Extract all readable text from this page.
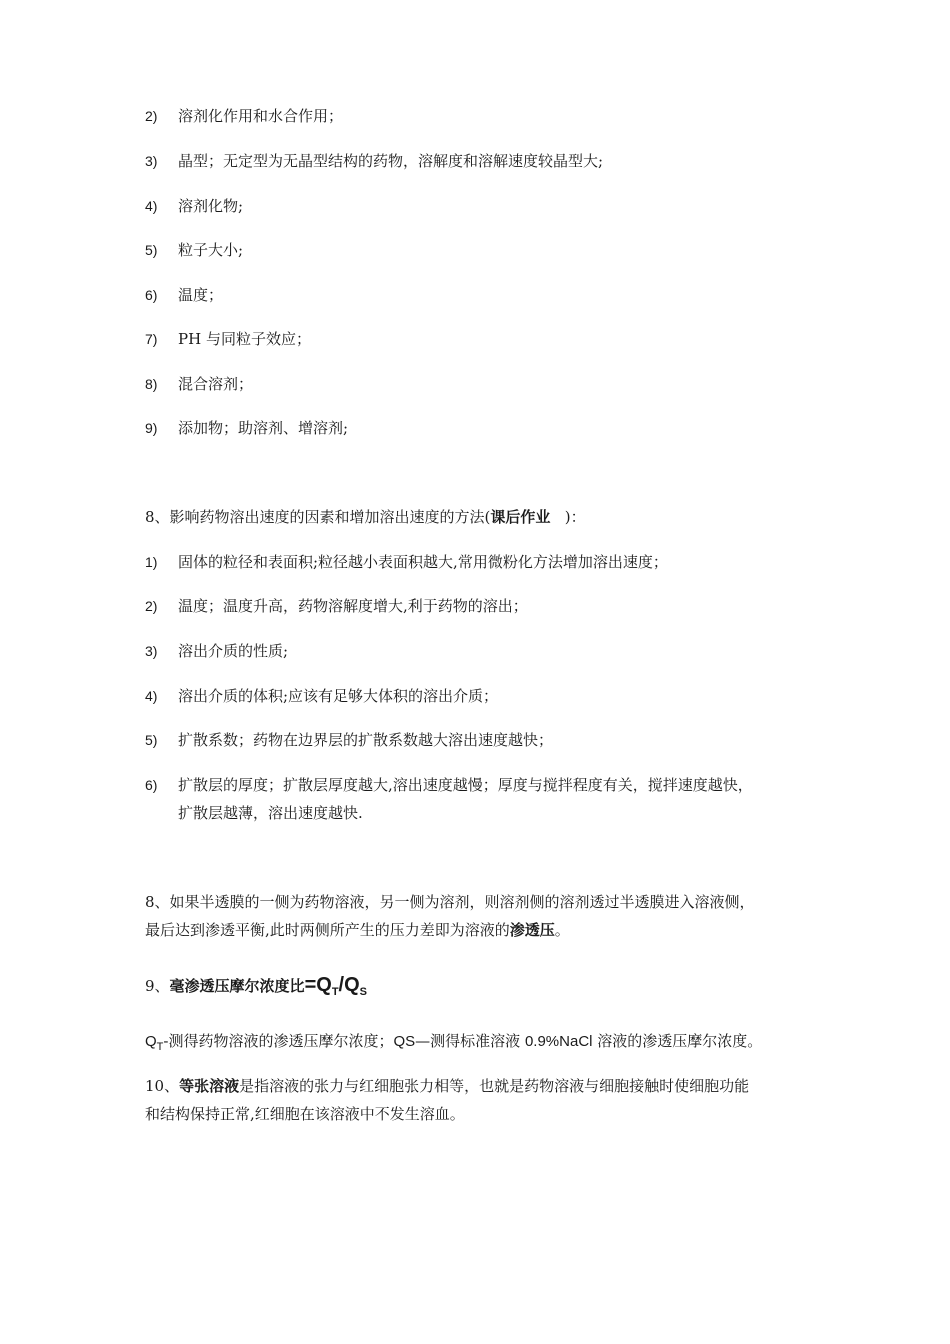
2) 溶剂化作用和水合作用；
3) 晶型；无定型为无晶型结构的药物，溶解度和溶解速度较晶型大;
4) 溶剂化物;
5) 粒子大小;
6) 温度；
7) PH 与同粒子效应；
8) 混合溶剂；
9) 添加物；助溶剂、增溶剂;
8、影响药物溶出速度的因素和增加溶出速度的方法(课后作业   )：
1) 固体的粒径和表面积;粒径越小表面积越大,常用微粉化方法增加溶出速度；
2) 温度；温度升高，药物溶解度增大,利于药物的溶出；
3) 溶出介质的性质;
4) 溶出介质的体积;应该有足够大体积的溶出介质；
5) 扩散系数；药物在边界层的扩散系数越大溶出速度越快；
6) 扩散层的厚度；扩散层厚度越大,溶出速度越慢；厚度与搅拌程度有关，搅拌速度越快，
扩散层越薄，溶出速度越快.
8、如果半透膜的一侧为药物溶液，另一侧为溶剂，则溶剂侧的溶剂透过半透膜进入溶液侧，
最后达到渗透平衡,此时两侧所产生的压力差即为溶液的渗透压。
9、毫渗透压摩尔浓度比$=Q_T/Q_S$
$Q_T-$测得药物溶液的渗透压摩尔浓度；QS—测得标准溶液 0.9%NaCl 溶液的渗透压摩尔浓度。
10、等张溶液是指溶液的张力与红细胞张力相等，也就是药物溶液与细胞接触时使细胞功能
和结构保持正常,红细胞在该溶液中不发生溶血。
